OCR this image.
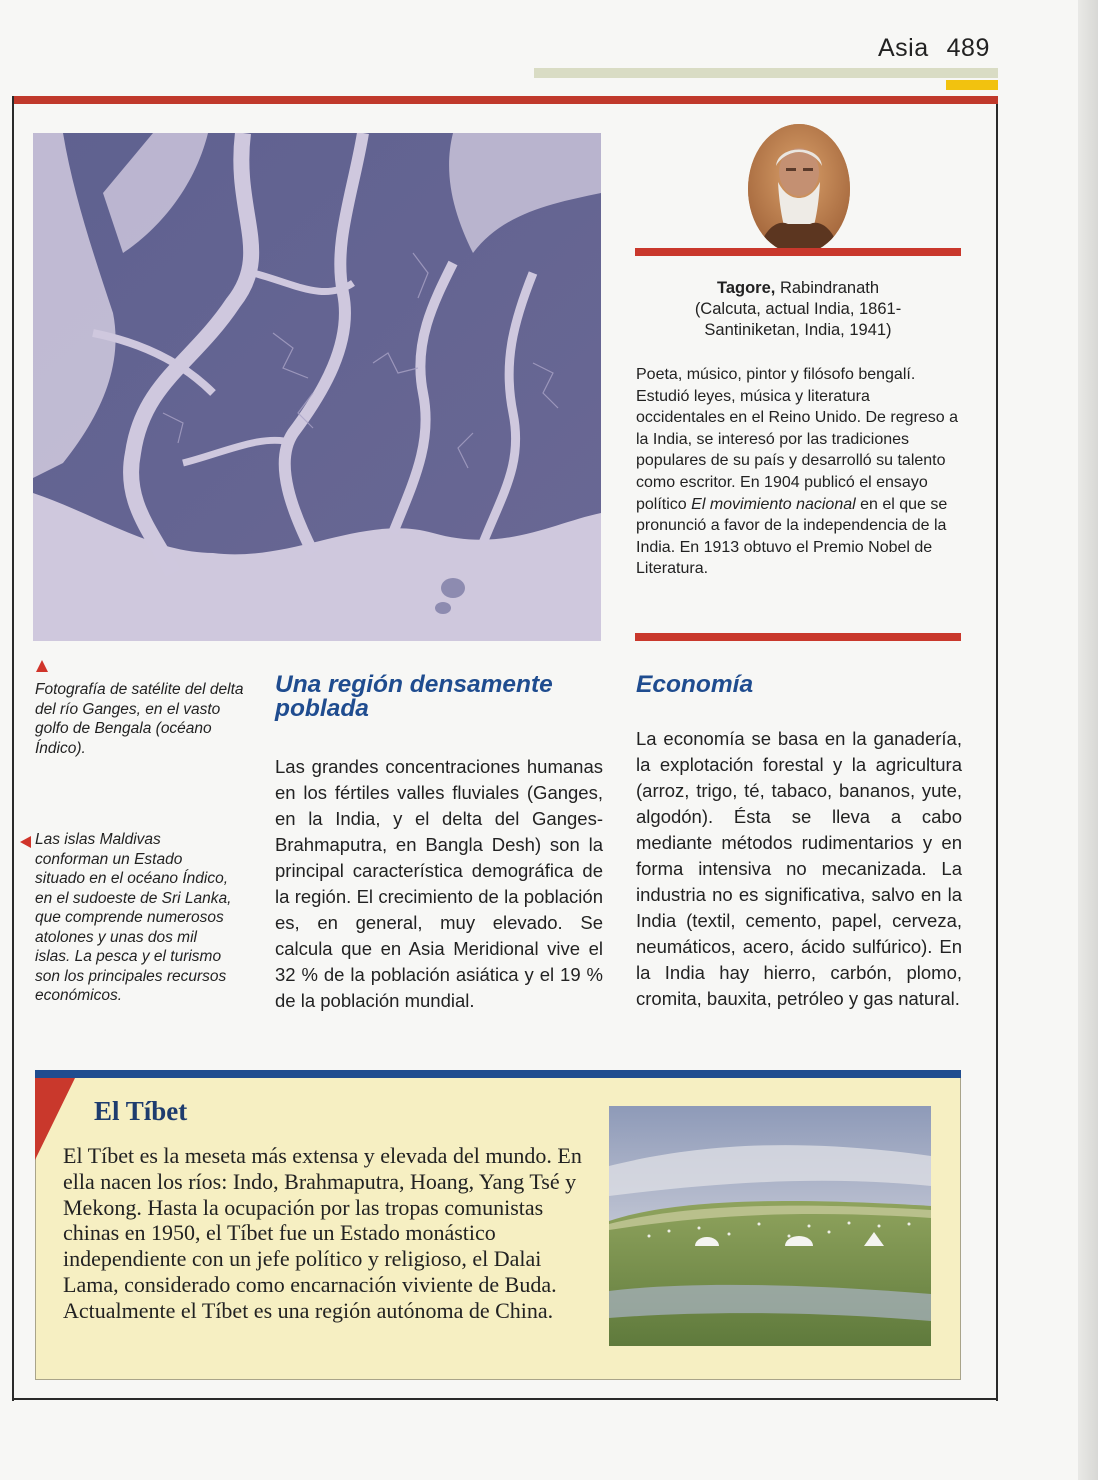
Asia 489
Tagore, Rabindranath
(Calcuta, actual India, 1861-
Santiniketan, India, 1941)
Poeta, músico, pintor y filósofo bengalí. Estudió leyes, música y literatura occidentales en el Reino Unido. De regreso a la India, se interesó por las tradiciones populares de su país y desarrolló su talento como escritor. En 1904 publicó el ensayo político El movimiento nacional en el que se pronunció a favor de la independencia de la India. En 1913 obtuvo el Premio Nobel de Literatura.
Fotografía de satélite del delta del río Ganges, en el vasto golfo de Bengala (océano Índico).
Las islas Maldivas conforman un Estado situado en el océano Índico, en el sudoeste de Sri Lanka, que comprende numerosos atolones y unas dos mil islas. La pesca y el turismo son los principales recursos económicos.
Una región densamente poblada
Las grandes concentraciones humanas en los fértiles valles fluviales (Ganges, en la India, y el delta del Ganges-Brahmaputra, en Bangla Desh) son la principal característica demográfica de la región. El crecimiento de la población es, en general, muy elevado. Se calcula que en Asia Meridional vive el 32 % de la población asiática y el 19 % de la población mundial.
Economía
La economía se basa en la ganadería, la explotación forestal y la agricultura (arroz, trigo, té, tabaco, bananos, yute, algodón). Ésta se lleva a cabo mediante métodos rudimentarios y en forma intensiva no mecanizada. La industria no es significativa, salvo en la India (textil, cemento, papel, cerveza, neumáticos, acero, ácido sulfúrico). En la India hay hierro, carbón, plomo, cromita, bauxita, petróleo y gas natural.
El Tíbet
El Tíbet es la meseta más extensa y elevada del mundo. En ella nacen los ríos: Indo, Brahmaputra, Hoang, Yang Tsé y Mekong. Hasta la ocupación por las tropas comunistas chinas en 1950, el Tíbet fue un Estado monástico independiente con un jefe político y religioso, el Dalai Lama, considerado como encarnación viviente de Buda. Actualmente el Tíbet es una región autónoma de China.
